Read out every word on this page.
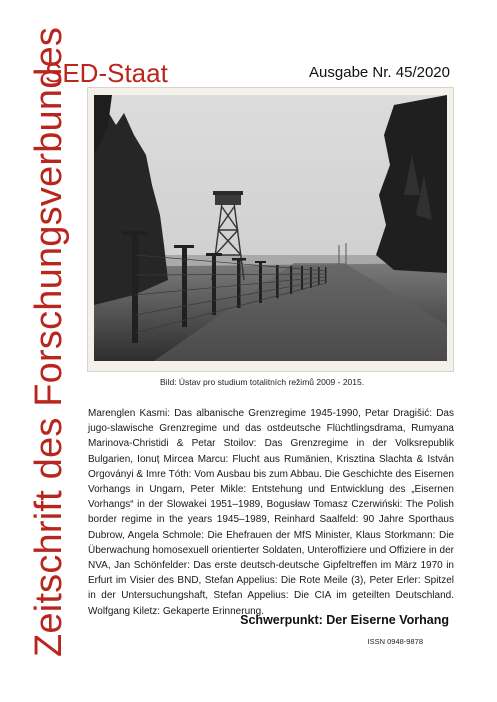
Zeitschrift des Forschungsverbundes
SED-Staat	Ausgabe Nr. 45/2020
Bild: Ústav pro studium totalitních režimů 2009 - 2015.
Marenglen Kasmi: Das albanische Grenzregime 1945-1990, Petar Dragišić: Das jugo-slawische Grenzregime und das ostdeutsche Flüchtlingsdrama, Rumyana Marinova-Christidi & Petar Stoilov: Das Grenzregime in der Volksrepublik Bulgarien, Ionuț Mircea Marcu: Flucht aus Rumänien, Krisztina Slachta & István Orgoványi & Imre Tóth: Vom Ausbau bis zum Abbau. Die Geschichte des Eisernen Vorhangs in Ungarn, Peter Mikle: Entstehung und Entwicklung des „Eisernen Vorhangs“ in der Slowakei 1951–1989, Bogusław Tomasz Czerwiński: The Polish border regime in the years 1945–1989, Reinhard Saalfeld: 90 Jahre Sporthaus Dubrow, Angela Schmole: Die Ehefrauen der MfS Minister, Klaus Storkmann: Die Überwachung homosexuell orientierter Soldaten, Unteroffiziere und Offiziere in der NVA, Jan Schönfelder: Das erste deutsch-deutsche Gipfeltreffen im März 1970 in Erfurt im Visier des BND, Stefan Appelius: Die Rote Meile (3), Peter Erler: Spitzel in der Untersuchungshaft, Stefan Appelius: Die CIA im geteilten Deutschland. Wolfgang Kiletz: Gekaperte Erinnerung.
Schwerpunkt: Der Eiserne Vorhang
ISSN 0948-9878
